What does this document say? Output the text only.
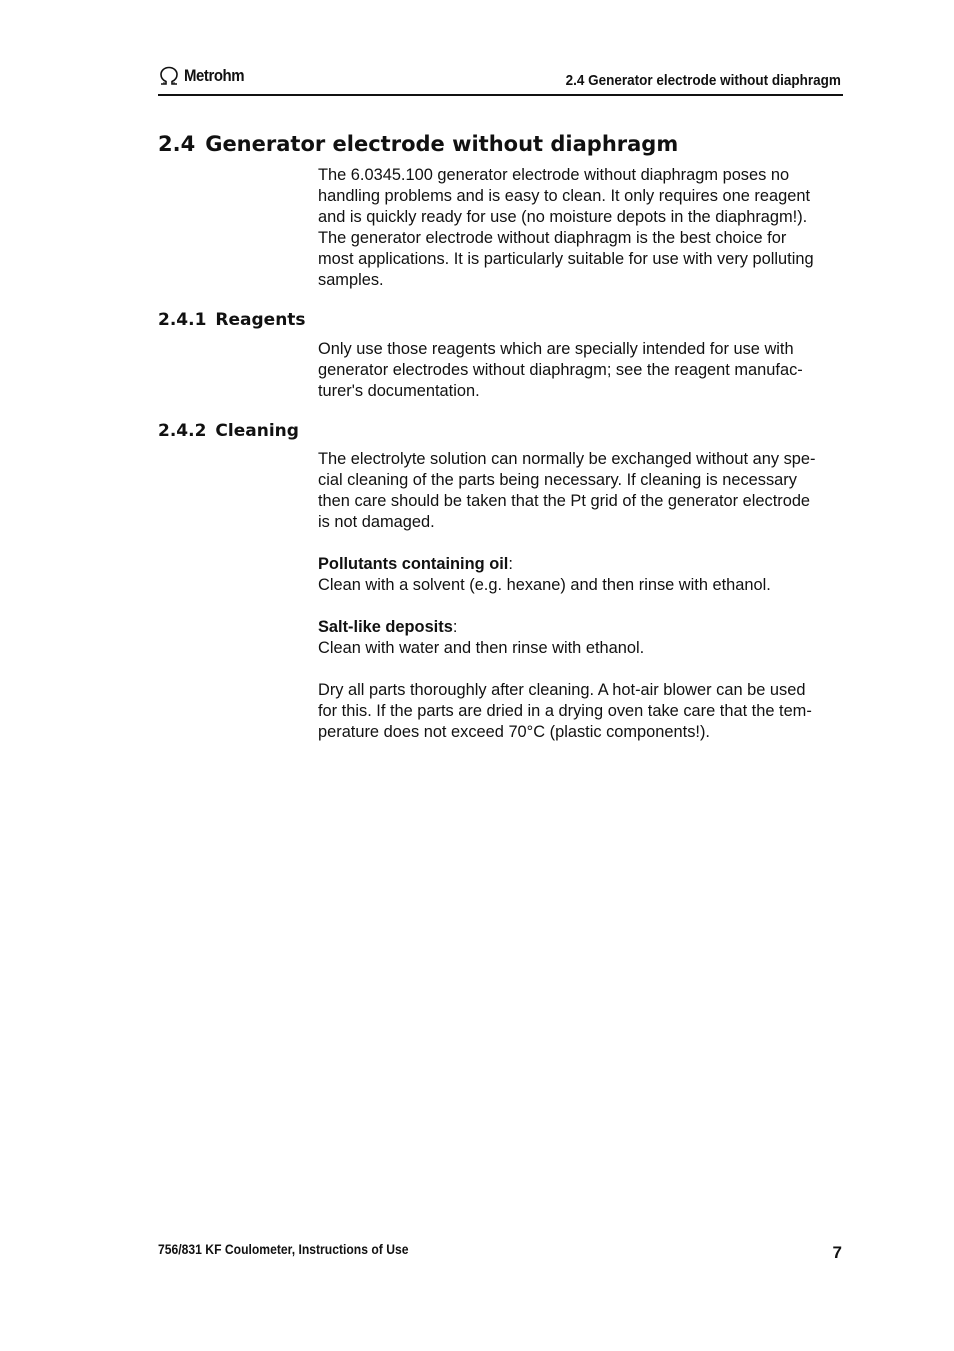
Metrohm	2.4 Generator electrode without diaphragm
2.4 Generator electrode without diaphragm

The 6.0345.100 generator electrode without diaphragm poses no
handling problems and is easy to clean. It only requires one reagent
and is quickly ready for use (no moisture depots in the diaphragm!).
The generator electrode without diaphragm is the best choice for
most applications. It is particularly suitable for use with very polluting
samples.

2.4.1 Reagents

Only use those reagents which are specially intended for use with
generator electrodes without diaphragm; see the reagent manufac-
turer's documentation.

2.4.2 Cleaning

The electrolyte solution can normally be exchanged without any spe-
cial cleaning of the parts being necessary. If cleaning is necessary
then care should be taken that the Pt grid of the generator electrode
is not damaged.

Pollutants containing oil:
Clean with a solvent (e.g. hexane) and then rinse with ethanol.

Salt-like deposits:
Clean with water and then rinse with ethanol.

Dry all parts thoroughly after cleaning. A hot-air blower can be used
for this. If the parts are dried in a drying oven take care that the tem-
perature does not exceed 70°C (plastic components!).

756/831 KF Coulometer, Instructions of Use	7
